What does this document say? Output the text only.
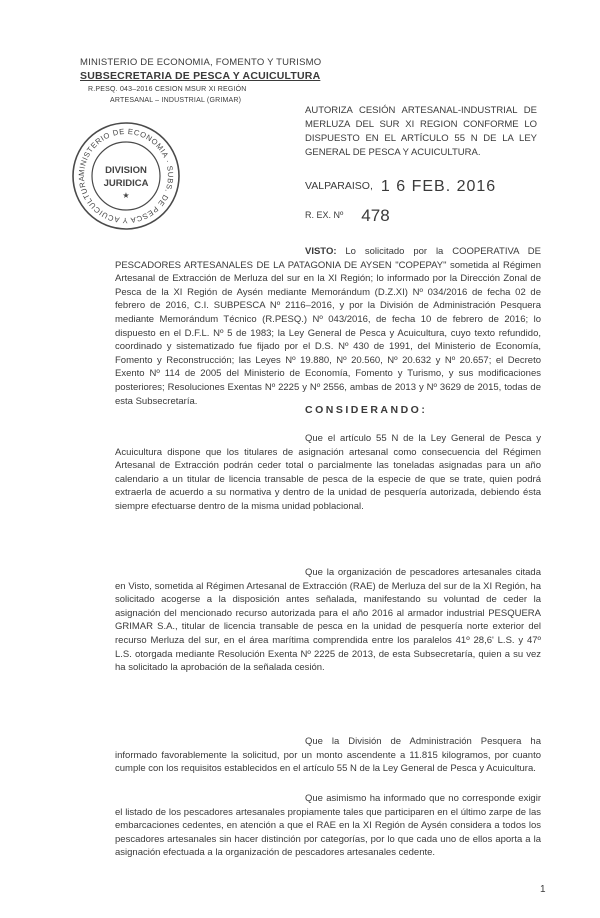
MINISTERIO DE ECONOMIA, FOMENTO Y TURISMO
SUBSECRETARIA DE PESCA Y ACUICULTURA
R.PESQ. 043–2016 CESION MSUR XI REGIÓN
ARTESANAL – INDUSTRIAL (GRIMAR)
AUTORIZA CESIÓN ARTESANAL-INDUSTRIAL DE MERLUZA DEL SUR XI REGION CONFORME LO DISPUESTO EN EL ARTÍCULO 55 N DE LA LEY GENERAL DE PESCA Y ACUICULTURA.
MINISTERIO DE ECONOMIA · SUBS. DE PESCA Y ACUICULTURA
DIVISION
JURIDICA
★
VALPARAISO, 1 6 FEB. 2016
R. EX. Nº 478
VISTO: Lo solicitado por la COOPERATIVA DE PESCADORES ARTESANALES DE LA PATAGONIA DE AYSEN "COPEPAY" sometida al Régimen Artesanal de Extracción de Merluza del sur en la XI Región; lo informado por la Dirección Zonal de Pesca de la XI Región de Aysén mediante Memorándum (D.Z.XI) Nº 034/2016 de fecha 02 de febrero de 2016, C.I. SUBPESCA Nº 2116–2016, y por la División de Administración Pesquera mediante Memorándum Técnico (R.PESQ.) Nº 043/2016, de fecha 10 de febrero de 2016; lo dispuesto en el D.F.L. Nº 5 de 1983; la Ley General de Pesca y Acuicultura, cuyo texto refundido, coordinado y sistematizado fue fijado por el D.S. Nº 430 de 1991, del Ministerio de Economía, Fomento y Reconstrucción; las Leyes Nº 19.880, Nº 20.560, Nº 20.632 y Nº 20.657; el Decreto Exento Nº 114 de 2005 del Ministerio de Economía, Fomento y Turismo, y sus modificaciones posteriores; Resoluciones Exentas Nº 2225 y Nº 2556, ambas de 2013 y Nº 3629 de 2015, todas de esta Subsecretaría.
CONSIDERANDO:
Que el artículo 55 N de la Ley General de Pesca y Acuicultura dispone que los titulares de asignación artesanal como consecuencia del Régimen Artesanal de Extracción podrán ceder total o parcialmente las toneladas asignadas para un año calendario a un titular de licencia transable de pesca de la especie de que se trate, quien podrá extraerla de acuerdo a su normativa y dentro de la unidad de pesquería autorizada, debiendo ésta siempre efectuarse dentro de la misma unidad poblacional.
Que la organización de pescadores artesanales citada en Visto, sometida al Régimen Artesanal de Extracción (RAE) de Merluza del sur de la XI Región, ha solicitado acogerse a la disposición antes señalada, manifestando su voluntad de ceder la asignación del mencionado recurso autorizada para el año 2016 al armador industrial PESQUERA GRIMAR S.A., titular de licencia transable de pesca en la unidad de pesquería norte exterior del recurso Merluza del sur, en el área marítima comprendida entre los paralelos 41º 28,6' L.S. y 47º L.S. otorgada mediante Resolución Exenta Nº 2225 de 2013, de esta Subsecretaría, quien a su vez ha solicitado la aprobación de la señalada cesión.
Que la División de Administración Pesquera ha informado favorablemente la solicitud, por un monto ascendente a 11.815 kilogramos, por cuanto cumple con los requisitos establecidos en el artículo 55 N de la Ley General de Pesca y Acuicultura.
Que asimismo ha informado que no corresponde exigir el listado de los pescadores artesanales propiamente tales que participaren en el último zarpe de las embarcaciones cedentes, en atención a que el RAE en la XI Región de Aysén considera a todos los pescadores artesanales sin hacer distinción por categorías, por lo que cada uno de ellos aporta a la asignación efectuada a la organización de pescadores artesanales cedente.
1
